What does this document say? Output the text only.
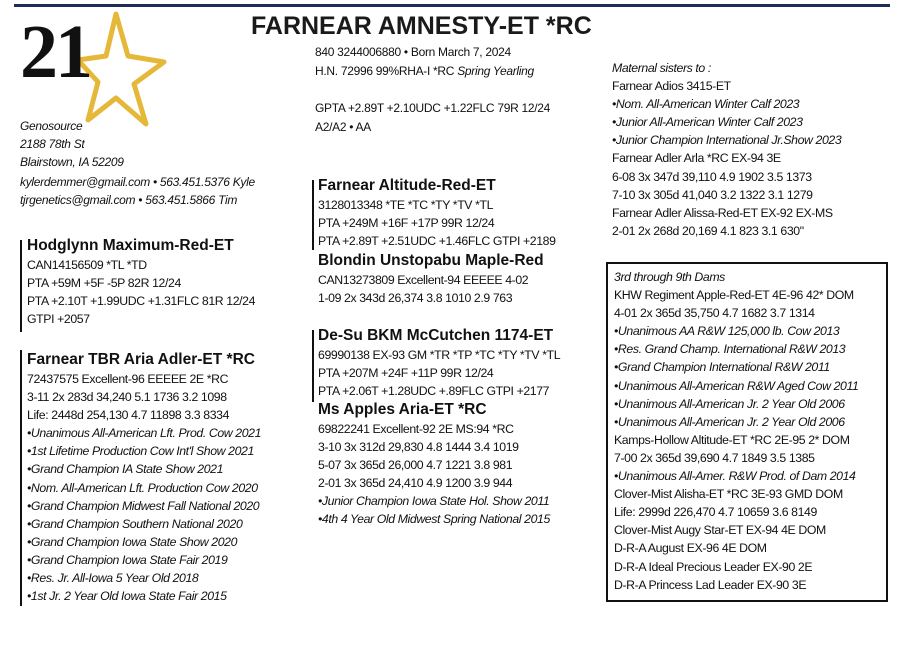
21	FARNEAR AMNESTY-ET *RC
840 3244006880 • Born March 7, 2024
H.N. 72996 99%RHA-I *RC Spring Yearling
GPTA +2.89T +2.10UDC +1.22FLC 79R 12/24
A2/A2 • AA
Genosource
2188 78th St
Blairstown, IA 52209
kylerdemmer@gmail.com • 563.451.5376 Kyle
tjrgenetics@gmail.com • 563.451.5866 Tim
Farnear Altitude-Red-ET
3128013348 *TE *TC *TY *TV *TL
PTA +249M +16F +17P 99R 12/24
PTA +2.89T +2.51UDC +1.46FLC GTPI +2189
Hodglynn Maximum-Red-ET
CAN14156509 *TL *TD
PTA +59M +5F -5P 82R 12/24
PTA +2.10T +1.99UDC +1.31FLC 81R 12/24
GTPI +2057
Blondin Unstopabu Maple-Red
CAN13273809 Excellent-94 EEEEE 4-02
1-09 2x 343d 26,374 3.8 1010 2.9 763
Farnear TBR Aria Adler-ET *RC
72437575 Excellent-96 EEEEE 2E *RC
3-11 2x 283d 34,240 5.1 1736 3.2 1098
Life: 2448d 254,130 4.7 11898 3.3 8334
•Unanimous All-American Lft. Prod. Cow 2021
•1st Lifetime Production Cow Int'l Show 2021
•Grand Champion IA State Show 2021
•Nom. All-American Lft. Production Cow 2020
•Grand Champion Midwest Fall National 2020
•Grand Champion Southern National 2020
•Grand Champion Iowa State Show 2020
•Grand Champion Iowa State Fair 2019
•Res. Jr. All-Iowa 5 Year Old 2018
•1st Jr. 2 Year Old Iowa State Fair 2015
De-Su BKM McCutchen 1174-ET
69990138 EX-93 GM *TR *TP *TC *TY *TV *TL
PTA +207M +24F +11P 99R 12/24
PTA +2.06T +1.28UDC +.89FLC GTPI +2177
Ms Apples Aria-ET *RC
69822241 Excellent-92 2E MS:94 *RC
3-10 3x 312d 29,830 4.8 1444 3.4 1019
5-07 3x 365d 26,000 4.7 1221 3.8 981
2-01 3x 365d 24,410 4.9 1200 3.9 944
•Junior Champion Iowa State Hol. Show 2011
•4th 4 Year Old Midwest Spring National 2015
Maternal sisters to :
Farnear Adios 3415-ET
•Nom. All-American Winter Calf 2023
•Junior All-American Winter Calf 2023
•Junior Champion International Jr.Show 2023
Farnear Adler Arla *RC EX-94 3E
6-08 3x 347d 39,110 4.9 1902 3.5 1373
7-10 3x 305d 41,040 3.2 1322 3.1 1279
Farnear Adler Alissa-Red-ET EX-92 EX-MS
2-01 2x 268d 20,169 4.1 823 3.1 630"
3rd through 9th Dams
KHW Regiment Apple-Red-ET 4E-96 42* DOM
4-01 2x 365d 35,750 4.7 1682 3.7 1314
•Unanimous AA R&W 125,000 lb. Cow 2013
•Res. Grand Champ. International R&W 2013
•Grand Champion International R&W 2011
•Unanimous All-American R&W Aged Cow 2011
•Unanimous All-American Jr. 2 Year Old 2006
•Unanimous All-American Jr. 2 Year Old 2006
Kamps-Hollow Altitude-ET *RC 2E-95 2* DOM
7-00 2x 365d 39,690 4.7 1849 3.5 1385
•Unanimous All-Amer. R&W Prod. of Dam 2014
Clover-Mist Alisha-ET *RC 3E-93 GMD DOM
Life: 2999d 226,470 4.7 10659 3.6 8149
Clover-Mist Augy Star-ET EX-94 4E DOM
D-R-A August EX-96 4E DOM
D-R-A Ideal Precious Leader EX-90 2E
D-R-A Princess Lad Leader EX-90 3E
